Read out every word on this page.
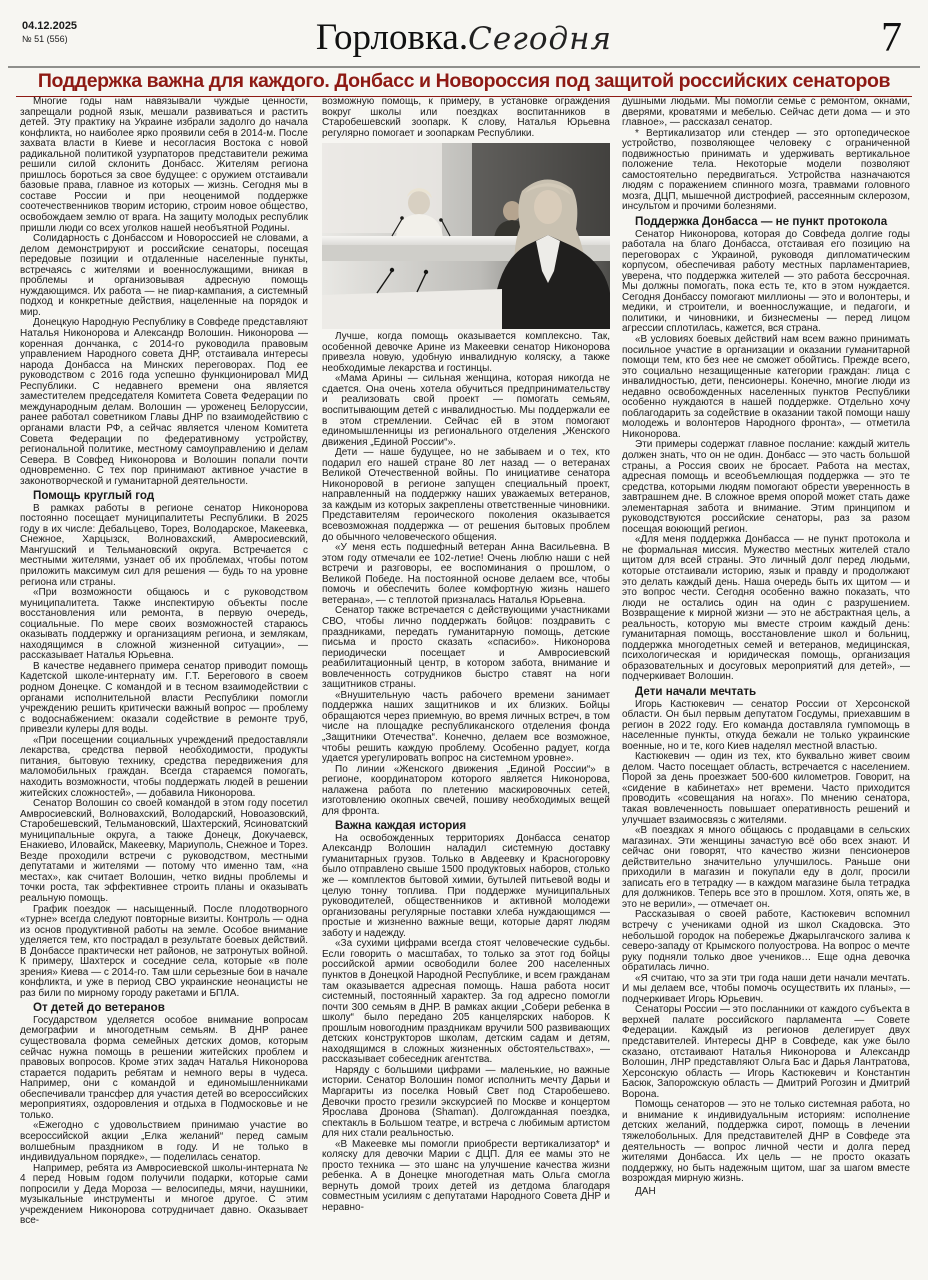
04.12.2025
№ 51 (556)	Горловка.Сегодня	7
Поддержка важна для каждого. Донбасс и Новороссия под защитой российских сенаторов

Многие годы нам навязывали чуждые ценности, запрещали родной язык, мешали развиваться и растить детей. Эту практику на Украине избрали задолго до начала конфликта, но наиболее ярко проявили себя в 2014-м. После захвата власти в Киеве и несогласия Востока с новой радикальной политикой узурпаторов представители режима решили силой склонить Донбасс. Жителям региона пришлось бороться за свое будущее: с оружием отстаивали базовые права, главное из которых — жизнь. Сегодня мы в составе России и при неоценимой поддержке соотечественников творим историю, строим новое общество, освобождаем землю от врага. На защиту молодых республик пришли люди со всех уголков нашей необъятной Родины.

Солидарность с Донбассом и Новороссией не словами, а делом демонстрируют и российские сенаторы, посещая передовые позиции и отдаленные населенные пункты, встречаясь с жителями и военнослужащими, вникая в проблемы и организовывая адресную помощь нуждающимся. Их работа — не пиар-кампания, а системный подход и конкретные действия, нацеленные на порядок и мир.

Донецкую Народную Республику в Совфеде представляют Наталья Никонорова и Александр Волошин. Никонорова — коренная дончанка, с 2014-го руководила правовым управлением Народного совета ДНР, отстаивала интересы народа Донбасса на Минских переговорах. Под ее руководством с 2016 года успешно функционировал МИД Республики. С недавнего времени она является заместителем председателя Комитета Совета Федерации по международным делам. Волошин — уроженец Белоруссии, ранее работал советником Главы ДНР по взаимодействию с органами власти РФ, а сейчас является членом Комитета Совета Федерации по федеративному устройству, региональной политике, местному самоуправлению и делам Севера. В Совфед Никонорова и Волошин попали почти одновременно. С тех пор принимают активное участие в законотворческой и гуманитарной деятельности.

Помощь круглый год

В рамках работы в регионе сенатор Никонорова постоянно посещает муниципалитеты Республики. В 2025 году в их числе: Дебальцево, Торез, Володарское, Макеевка, Снежное, Харцызск, Волновахский, Амвросиевский, Мангушский и Тельмановский округа. Встречается с местными жителями, узнает об их проблемах, чтобы потом приложить максимум сил для решения — будь то на уровне региона или страны.

«При возможности общаюсь и с руководством муниципалитета. Также инспектирую объекты после восстановления или ремонта, в первую очередь, социальные. По мере своих возможностей стараюсь оказывать поддержку и организациям региона, и землякам, находящимся в сложной жизненной ситуации», — рассказывает Наталья Юрьевна.

В качестве недавнего примера сенатор приводит помощь Кадетской школе-интернату им. Г.Т. Берегового в своем родном Донецке. С командой и в тесном взаимодействии с органами исполнительной власти Республики помогли учреждению решить критически важный вопрос — проблему с водоснабжением: оказали содействие в ремонте труб, привезли кулеры для воды.

«При посещении социальных учреждений предоставляли лекарства, средства первой необходимости, продукты питания, бытовую технику, средства передвижения для маломобильных граждан. Всегда стараемся помогать, находить возможности, чтобы поддержать людей в решении житейских сложностей», — добавила Никонорова.

Сенатор Волошин со своей командой в этом году посетил Амвросиевский, Волновахский, Володарский, Новоазовский, Старобешевский, Тельмановский, Шахтерский, Ясиноватский муниципальные округа, а также Донецк, Докучаевск, Енакиево, Иловайск, Макеевку, Мариуполь, Снежное и Торез. Везде проходили встречи с руководством, местными депутатами и жителями — потому что именно там, «на местах», как считает Волошин, четко видны проблемы и точки роста, так эффективнее строить планы и оказывать реальную помощь.

График поездок — насыщенный. После плодотворного «турне» всегда следуют повторные визиты. Контроль — одна из основ продуктивной работы на земле. Особое внимание уделяется тем, кто пострадал в результате боевых действий. В Донбассе практически нет районов, не затронутых войной. К примеру, Шахтерск и соседние села, которые «в поле зрения» Киева — с 2014-го. Там шли серьезные бои в начале конфликта, и уже в период СВО украинские неонацисты не раз били по мирному городу ракетами и БПЛА.

От детей до ветеранов

Государством уделяется особое внимание вопросам демографии и многодетным семьям. В ДНР ранее существовала форма семейных детских домов, которым сейчас нужна помощь в решении житейских проблем и правовых вопросов. Кроме этих задач Наталья Никонорова старается подарить ребятам и немного веры в чудеса. Например, они с командой и единомышленниками обеспечивали трансфер для участия детей во всероссийских мероприятиях, оздоровления и отдыха в Подмосковье и не только.

«Ежегодно с удовольствием принимаю участие во всероссийской акции „Елка желаний“ перед самым волшебным праздником в году. И не только в индивидуальном порядке», — поделилась сенатор.

Например, ребята из Амвросиевской школы-интерната № 4 перед Новым годом получили подарки, которые сами попросили у Деда Мороза — велосипеды, мячи, наушники, музыкальные инструменты и многое другое. С этим учреждением Никонорова сотрудничает давно. Оказывает все-

возможную помощь, к примеру, в установке ограждения вокруг школы или поездках воспитанников в Старобешевский зоопарк. К слову, Наталья Юрьевна регулярно помогает и зоопаркам Республики.

Лучше, когда помощь оказывается комплексно. Так, особенной девочке Арине из Макеевки сенатор Никонорова привезла новую, удобную инвалидную коляску, а также необходимые лекарства и гостинцы.

«Мама Арины — сильная женщина, которая никогда не сдается. Она очень хотела обучиться предпринимательству и реализовать свой проект — помогать семьям, воспитывающим детей с инвалидностью. Мы поддержали ее в этом стремлении. Сейчас ей в этом помогают единомышленницы из регионального отделения „Женского движения „Единой России“».

Дети — наше будущее, но не забываем и о тех, кто подарил его нашей стране 80 лет назад — о ветеранах Великой Отечественной войны. По инициативе сенатора Никоноровой в регионе запущен специальный проект, направленный на поддержку наших уважаемых ветеранов, за каждым из которых закреплены ответственные чиновники. Представителям героического поколения оказывается всевозможная поддержка — от решения бытовых проблем до обычного человеческого общения.

«У меня есть подшефный ветеран Анна Васильевна. В этом году отмечали ее 102-летие! Очень люблю наши с ней встречи и разговоры, ее воспоминания о прошлом, о Великой Победе. На постоянной основе делаем все, чтобы помочь и обеспечить более комфортную жизнь нашего ветерана», — с теплотой призналась Наталья Юрьевна.

Сенатор также встречается с действующими участниками СВО, чтобы лично поддержать бойцов: поздравить с праздниками, передать гуманитарную помощь, детские письма и просто сказать «спасибо». Никонорова периодически посещает и Амвросиевский реабилитационный центр, в котором забота, внимание и вовлеченность сотрудников быстро ставят на ноги защитников страны.

«Внушительную часть рабочего времени занимает поддержка наших защитников и их близких. Бойцы обращаются через приемную, во время личных встреч, в том числе на площадке республиканского отделения фонда „Защитники Отечества“. Конечно, делаем все возможное, чтобы решить каждую проблему. Особенно радует, когда удается урегулировать вопрос на системном уровне».

По линии «Женского движения „Единой России“» в регионе, координатором которого является Никонорова, налажена работа по плетению маскировочных сетей, изготовлению окопных свечей, пошиву необходимых вещей для фронта.

Важна каждая история

На освобожденных территориях Донбасса сенатор Александр Волошин наладил системную доставку гуманитарных грузов. Только в Авдеевку и Красногоровку было отправлено свыше 1500 продуктовых наборов, столько же — комплектов бытовой химии, бутылей питьевой воды и целую тонну топлива. При поддержке муниципальных руководителей, общественников и активной молодежи организованы регулярные поставки хлеба нуждающимся — простые и жизненно важные вещи, которые дарят людям заботу и надежду.

«За сухими цифрами всегда стоят человеческие судьбы. Если говорить о масштабах, то только за этот год бойцы российской армии освободили более 200 населенных пунктов в Донецкой Народной Республике, и всем гражданам там оказывается адресная помощь. Наша работа носит системный, постоянный характер. За год адресно помогли почти 300 семьям в ДНР. В рамках акции „Собери ребенка в школу“ было передано 205 канцелярских наборов. К прошлым новогодним праздникам вручили 500 развивающих детских конструкторов школам, детским садам и детям, находящимся в сложных жизненных обстоятельствах», — рассказывает собеседник агентства.

Наряду с большими цифрами — маленькие, но важные истории. Сенатор Волошин помог исполнить мечту Дарьи и Маргариты из поселка Новый Свет под Старобешево. Девочки просто грезили экскурсией по Москве и концертом Ярослава Дронова (Shaman). Долгожданная поездка, спектакль в Большом театре, и встреча с любимым артистом для них стали реальностью.

«В Макеевке мы помогли приобрести вертикализатор* и коляску для девочки Марии с ДЦП. Для ее мамы это не просто техника — это шанс на улучшение качества жизни ребенка. А в Донецке многодетная мать Ольга смогла вернуть домой троих детей из детдома благодаря совместным усилиям с депутатами Народного Совета ДНР и неравно-

душными людьми. Мы помогли семье с ремонтом, окнами, дверями, кроватями и мебелью. Сейчас дети дома — и это главное», — рассказал сенатор.

* Вертикализатор или стендер — это ортопедическое устройство, позволяющее человеку с ограниченной подвижностью принимать и удерживать вертикальное положение тела. Некоторые модели позволяют самостоятельно передвигаться. Устройства назначаются людям с поражением спинного мозга, травмами головного мозга, ДЦП, мышечной дистрофией, рассеянным склерозом, инсультом и прочими болезнями.

Поддержка Донбасса — не пункт протокола

Сенатор Никонорова, которая до Совфеда долгие годы работала на благо Донбасса, отстаивая его позицию на переговорах с Украиной, руководя дипломатическим корпусом, обеспечивая работу местных парламентариев, уверена, что поддержка жителей — это работа бессрочная. Мы должны помогать, пока есть те, кто в этом нуждается. Сегодня Донбассу помогают миллионы — это и волонтеры, и медики, и строители, и военнослужащие, и педагоги, и политики, и чиновники, и бизнесмены — перед лицом агрессии сплотилась, кажется, вся страна.

«В условиях боевых действий нам всем важно принимать посильное участие в организации и оказании гуманитарной помощи тем, кто без нее не сможет обойтись. Прежде всего, это социально незащищенные категории граждан: лица с инвалидностью, дети, пенсионеры. Конечно, многие люди из недавно освобожденных населенных пунктов Республики особенно нуждаются в нашей поддержке. Отдельно хочу поблагодарить за содействие в оказании такой помощи нашу молодежь и волонтеров Народного фронта», — отметила Никонорова.

Эти примеры содержат главное послание: каждый житель должен знать, что он не один. Донбасс — это часть большой страны, а Россия своих не бросает. Работа на местах, адресная помощь и всеобъемлющая поддержка — это те средства, которыми людям помогают обрести уверенность в завтрашнем дне. В сложное время опорой может стать даже элементарная забота и внимание. Этим принципом и руководствуются российские сенаторы, раз за разом посещая воюющий регион.

«Для меня поддержка Донбасса — не пункт протокола и не формальная миссия. Мужество местных жителей стало щитом для всей страны. Это личный долг перед людьми, которые отстаивали историю, язык и правду и продолжают это делать каждый день. Наша очередь быть их щитом — и это вопрос чести. Сегодня особенно важно показать, что люди не остались один на один с разрушением. Возвращение к мирной жизни — это не абстрактная цель, а реальность, которую мы вместе строим каждый день: гуманитарная помощь, восстановление школ и больниц, поддержка многодетных семей и ветеранов, медицинская, психологическая и юридическая помощь, организация образовательных и досуговых мероприятий для детей», — подчеркивает Волошин.

Дети начали мечтать

Игорь Кастюкевич — сенатор России от Херсонской области. Он был первым депутатом Госдумы, приехавшим в регион в 2022 году. Его команда доставляла гумпомощь в населенные пункты, откуда бежали не только украинские военные, но и те, кого Киев наделял местной властью.

Кастюкевич — один из тех, кто буквально живет своим делом. Часто посещает область, встречается с населением. Порой за день проезжает 500-600 километров. Говорит, на «сидение в кабинетах» нет времени. Часто приходится проводить «совещания на ногах». По мнению сенатора, такая вовлеченность повышает оперативность решений и улучшает взаимосвязь с жителями.

«В поездках я много общаюсь с продавцами в сельских магазинах. Эти женщины зачастую всё обо всех знают. И сейчас они говорят, что качество жизни пенсионеров действительно значительно улучшилось. Раньше они приходили в магазин и покупали еду в долг, просили записать его в тетрадку — в каждом магазине была тетрадка для должников. Теперь все это в прошлом. Хотя, опять же, в это не верили», — отмечает он.

Рассказывая о своей работе, Кастюкевич вспомнил встречу с учениками одной из школ Скадовска. Это небольшой городок на побережье Джарылгачского залива к северо-западу от Крымского полуострова. На вопрос о мечте руку подняли только двое учеников… Еще одна девочка обратилась лично.

«Я считаю, что за эти три года наши дети начали мечтать. И мы делаем все, чтобы помочь осуществить их планы», — подчеркивает Игорь Юрьевич.

Сенаторы России — это посланники от каждого субъекта в верхней палате российского парламента — Совете Федерации. Каждый из регионов делегирует двух представителей. Интересы ДНР в Совфеде, как уже было сказано, отстаивают Наталья Никонорова и Александр Волошин, ЛНР представляют Ольга Бас и Дарья Лантратова, Херсонскую область — Игорь Кастюкевич и Константин Басюк, Запорожскую область — Дмитрий Рогозин и Дмитрий Ворона.

Помощь сенаторов — это не только системная работа, но и внимание к индивидуальным историям: исполнение детских желаний, поддержка сирот, помощь в лечении тяжелобольных. Для представителей ДНР в Совфеде эта деятельность — вопрос личной чести и долга перед жителями Донбасса. Их цель — не просто оказать поддержку, но быть надежным щитом, шаг за шагом вместе возрождая мирную жизнь.

ДАН
